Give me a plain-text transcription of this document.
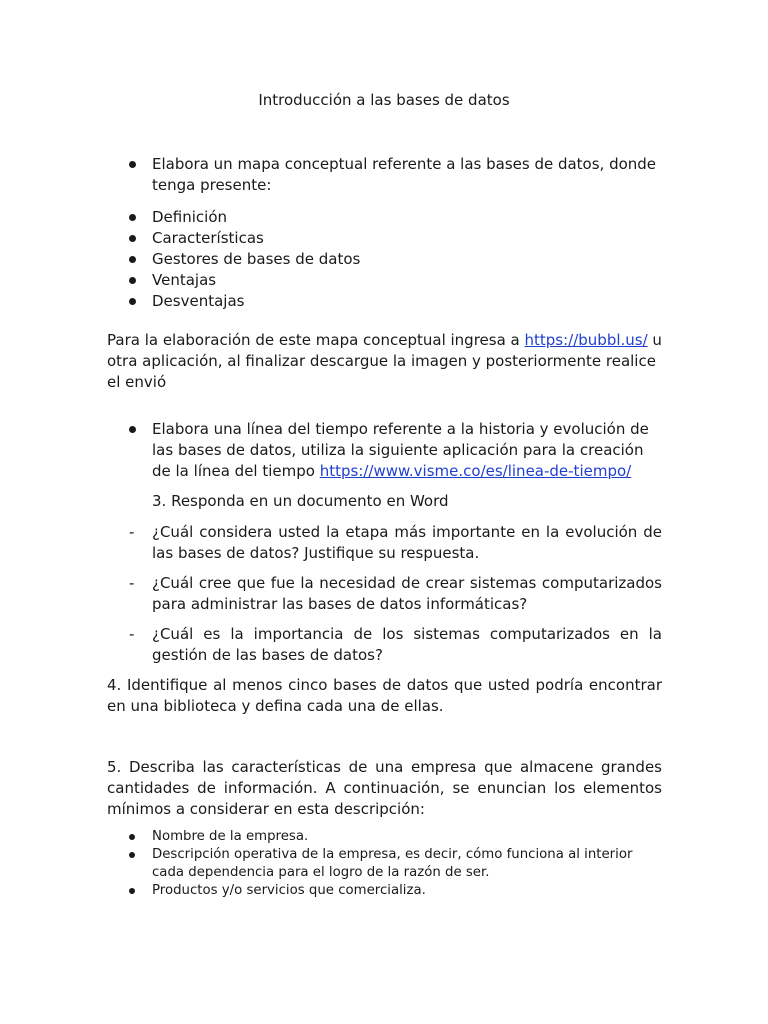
Introducción a las bases de datos
Elabora un mapa conceptual referente a las bases de datos, donde tenga presente:
Definición
Características
Gestores de bases de datos
Ventajas
Desventajas
Para la elaboración de este mapa conceptual ingresa a https://bubbl.us/ u otra aplicación, al finalizar descargue la imagen y posteriormente realice el envió
Elabora una línea del tiempo referente a la historia y evolución de las bases de datos, utiliza la siguiente aplicación para la creación de la línea del tiempo https://www.visme.co/es/linea-de-tiempo/
3. Responda en un documento en Word
- ¿Cuál considera usted la etapa más importante en la evolución de las bases de datos? Justifique su respuesta.
- ¿Cuál cree que fue la necesidad de crear sistemas computarizados para administrar las bases de datos informáticas?
- ¿Cuál es la importancia de los sistemas computarizados en la gestión de las bases de datos?
4. Identifique al menos cinco bases de datos que usted podría encontrar en una biblioteca y defina cada una de ellas.
5. Describa las características de una empresa que almacene grandes cantidades de información. A continuación, se enuncian los elementos mínimos a considerar en esta descripción:
Nombre de la empresa.
Descripción operativa de la empresa, es decir, cómo funciona al interior cada dependencia para el logro de la razón de ser.
Productos y/o servicios que comercializa.
